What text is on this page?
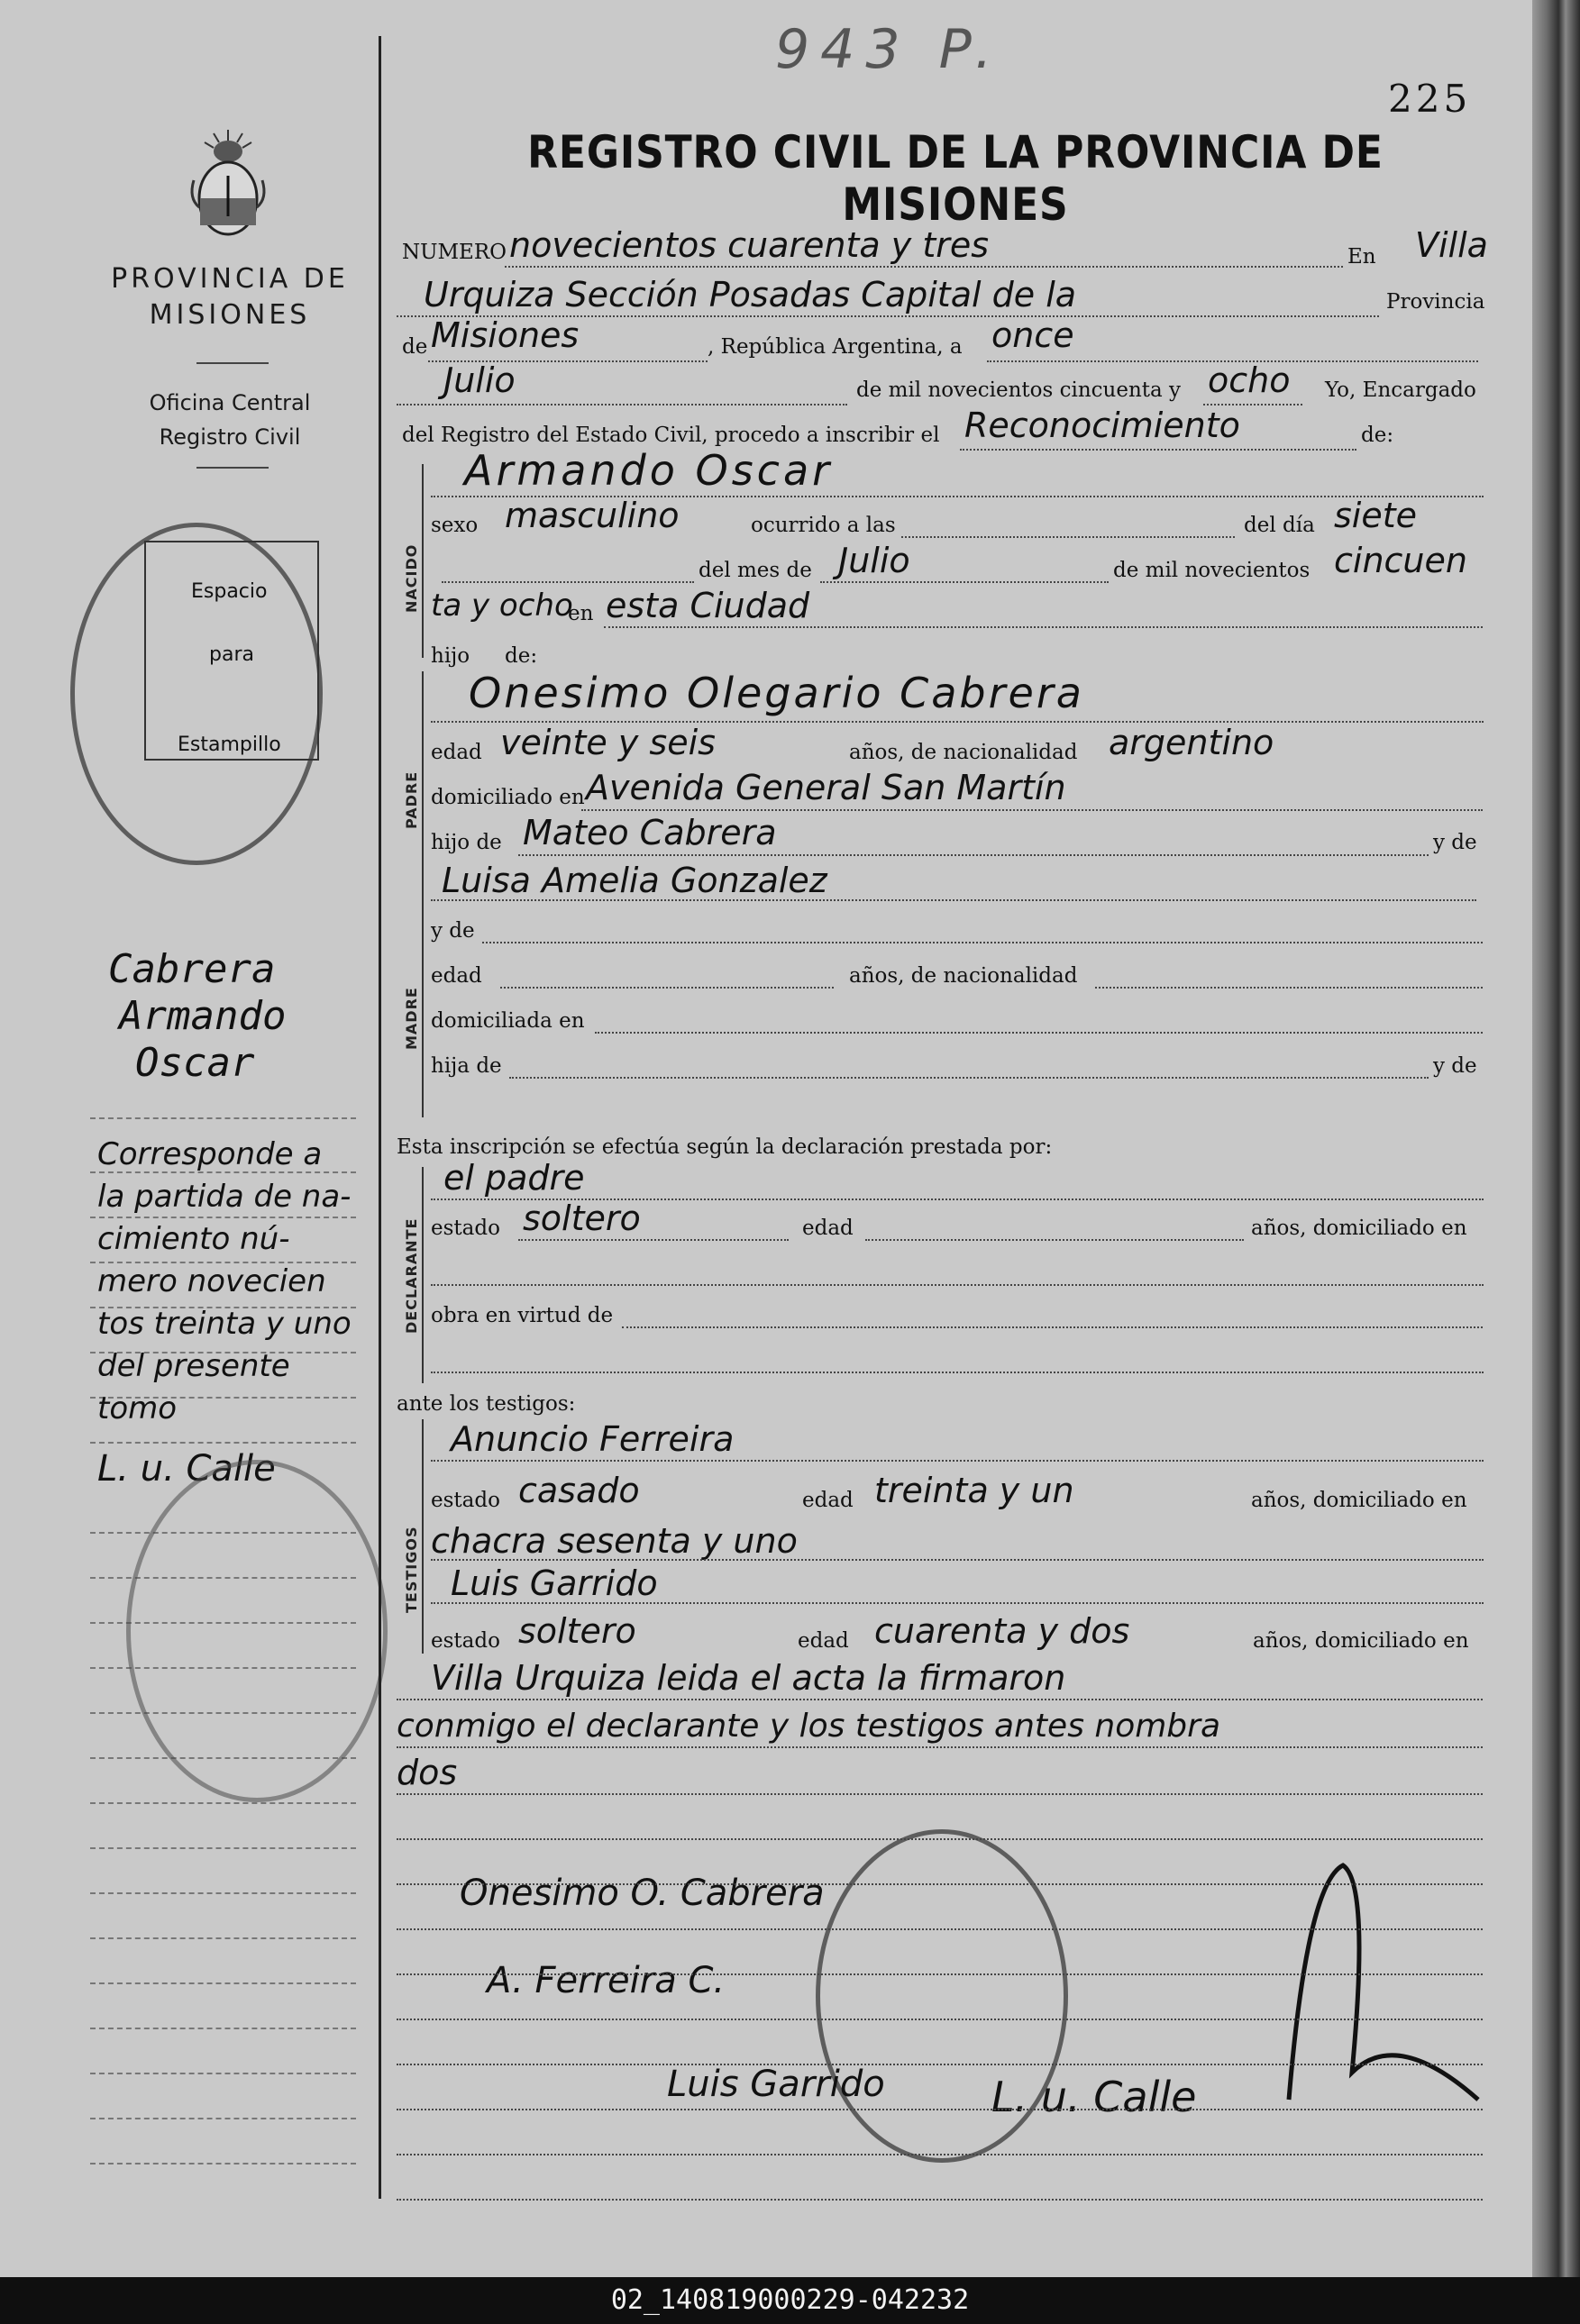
PROVINCIA DE MISIONES
Oficina Central
Registro Civil
Espacio
para
Estampillo
Cabrera
Armando
Oscar
Corresponde a
la partida de na-
cimiento nú-
mero novecien
tos treinta y uno
del presente
tomo
L. u. Calle
943 P.
225
REGISTRO CIVIL DE LA PROVINCIA DE MISIONES
NUMERO novecientos cuarenta y tres	En Villa
Urquiza Sección Posadas Capital de la	Provincia
de Misiones	, República Argentina, a once
Julio	de mil novecientos cincuenta y ocho Yo, Encargado
del Registro del Estado Civil, procedo a inscribir el Reconocimiento	de:
NACIDO
Armando Oscar
sexo masculino	ocurrido a las	del día siete
del mes de Julio	de mil novecientos cincuen
ta y ocho
en esta Ciudad
hijo de:
PADRE
Onesimo Olegario Cabrera
edad veinte y seis	años, de nacionalidad argentino
domiciliado en Avenida General San Martín
hijo de Mateo Cabrera	y de
Luisa Amelia Gonzalez
MADRE
y de
edad	años, de nacionalidad
domiciliada en
hija de	y de
Esta inscripción se efectúa según la declaración prestada por:
DECLARANTE
el padre
estado soltero	edad	años, domiciliado en
obra en virtud de
ante los testigos:
TESTIGOS
Anuncio Ferreira
estado casado	edad treinta y un	años, domiciliado en
chacra sesenta y uno
Luis Garrido
estado soltero	edad cuarenta y dos	años, domiciliado en
Villa Urquiza leida el acta la firmaron
conmigo el declarante y los testigos antes nombra
dos
Onesimo O. Cabrera
A. Ferreira C.
Luis Garrido	L. u. Calle
02_140819000229-042232
